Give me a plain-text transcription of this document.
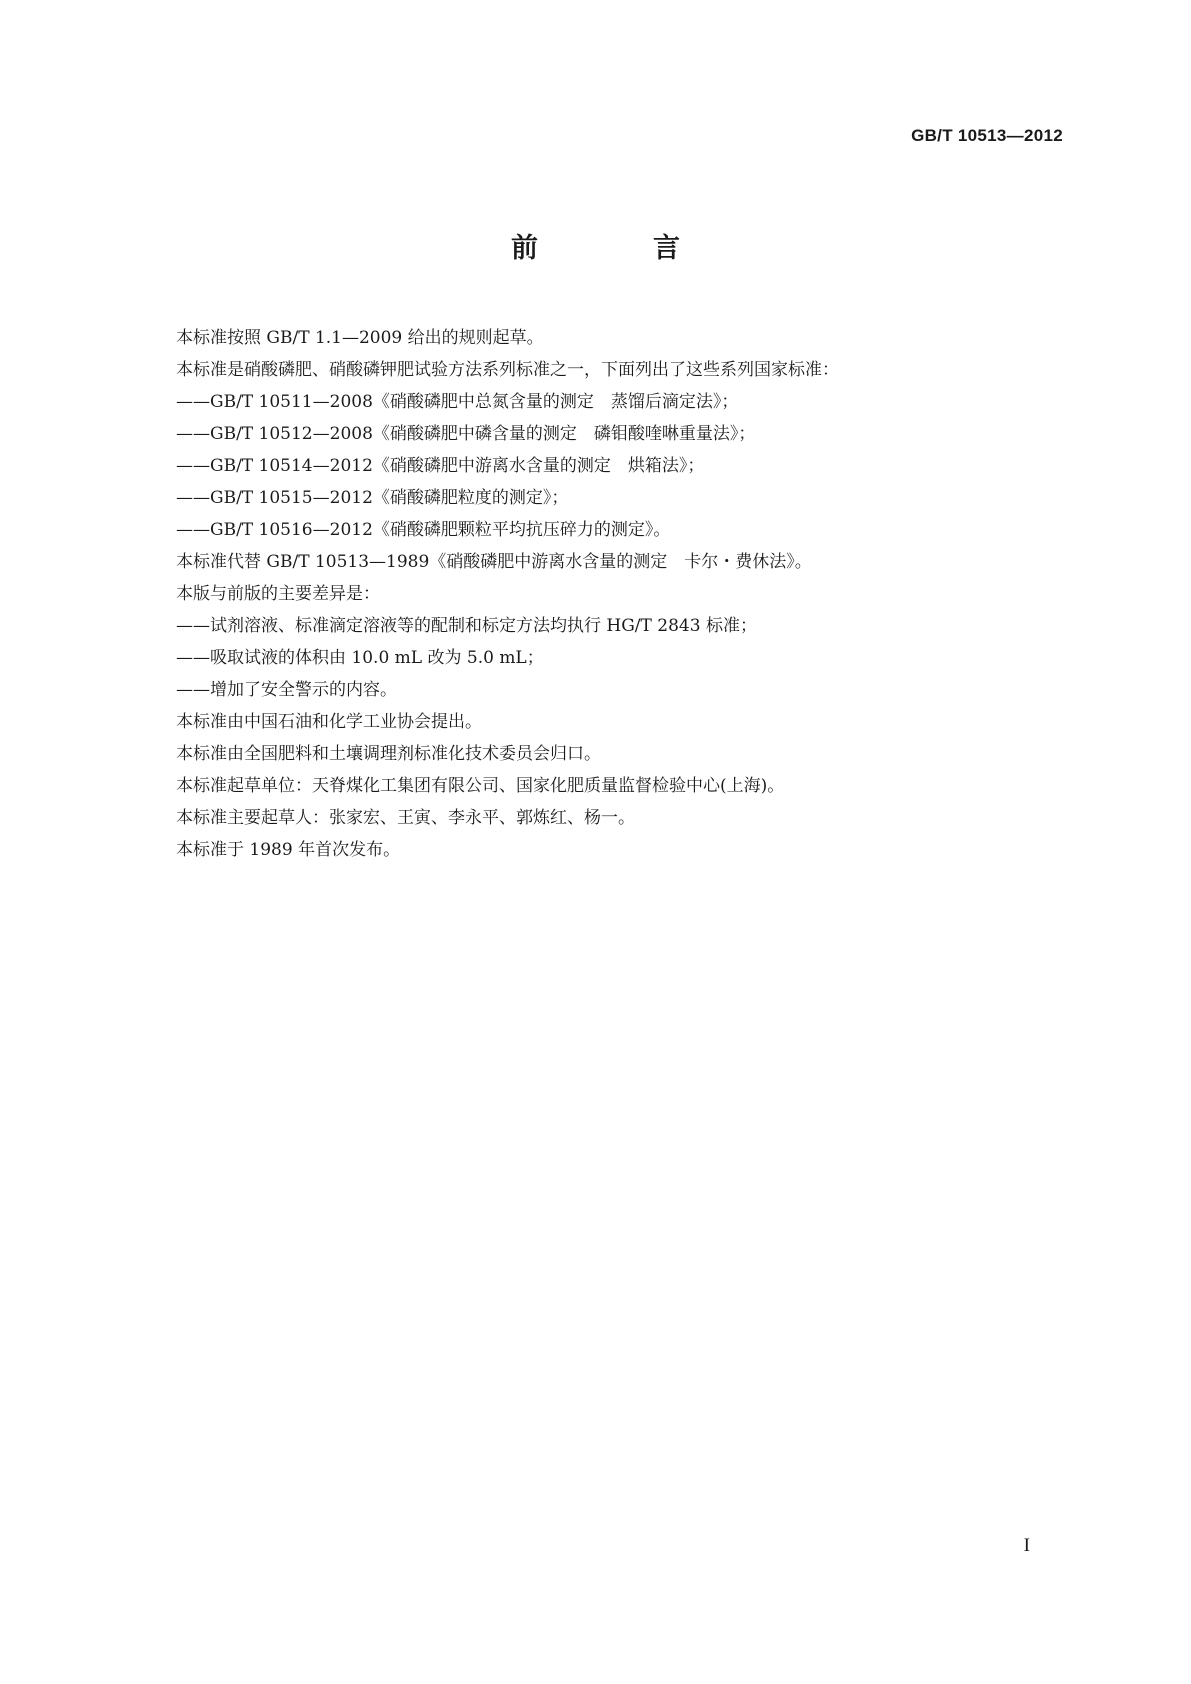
GB/T 10513—2012
前　言
本标准按照 GB/T 1.1—2009 给出的规则起草。
本标准是硝酸磷肥、硝酸磷钾肥试验方法系列标准之一，下面列出了这些系列国家标准：
——GB/T 10511—2008《硝酸磷肥中总氮含量的测定　蒸馏后滴定法》；
——GB/T 10512—2008《硝酸磷肥中磷含量的测定　磷钼酸喹啉重量法》；
——GB/T 10514—2012《硝酸磷肥中游离水含量的测定　烘箱法》；
——GB/T 10515—2012《硝酸磷肥粒度的测定》；
——GB/T 10516—2012《硝酸磷肥颗粒平均抗压碎力的测定》。
本标准代替 GB/T 10513—1989《硝酸磷肥中游离水含量的测定　卡尔・费休法》。
本版与前版的主要差异是：
——试剂溶液、标准滴定溶液等的配制和标定方法均执行 HG/T 2843 标准；
——吸取试液的体积由 10.0 mL 改为 5.0 mL；
——增加了安全警示的内容。
本标准由中国石油和化学工业协会提出。
本标准由全国肥料和土壤调理剂标准化技术委员会归口。
本标准起草单位：天脊煤化工集团有限公司、国家化肥质量监督检验中心(上海)。
本标准主要起草人：张家宏、王寅、李永平、郭炼红、杨一。
本标准于 1989 年首次发布。
I
